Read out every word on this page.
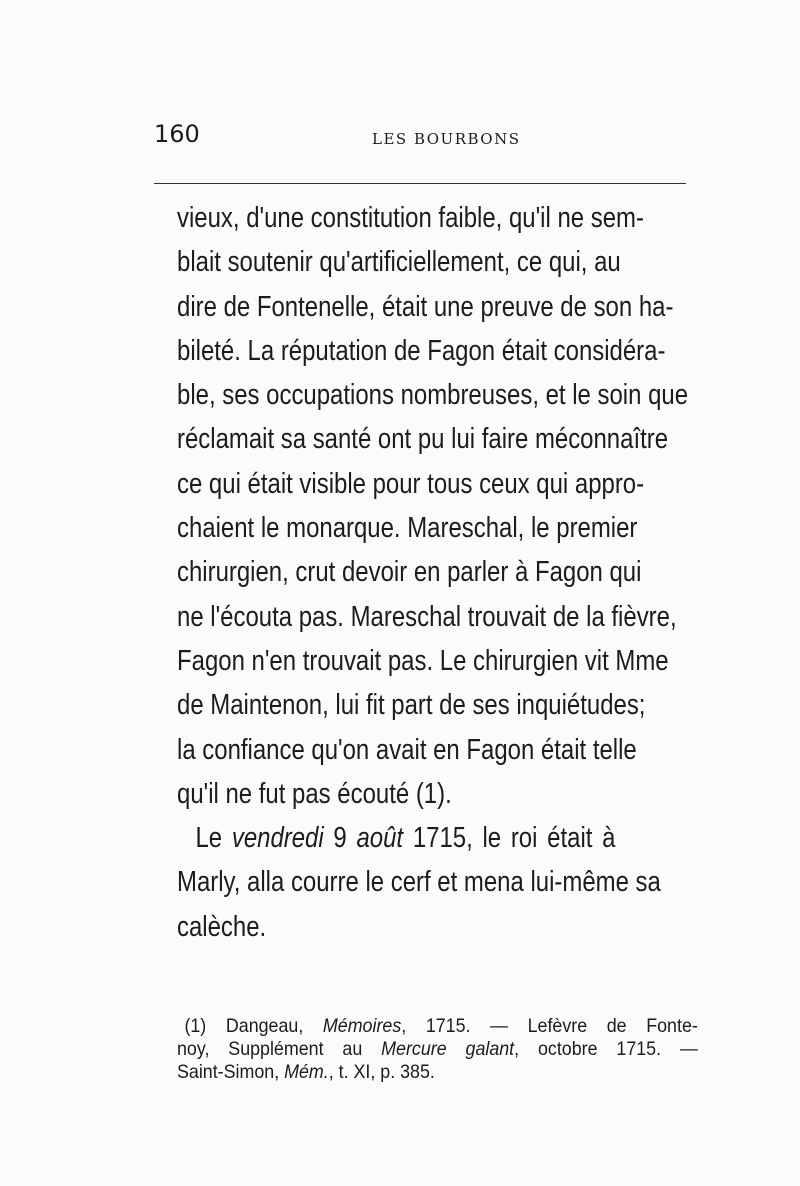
160	LES BOURBONS
vieux, d'une constitution faible, qu'il ne sem-
blait soutenir qu'artificiellement, ce qui, au
dire de Fontenelle, était une preuve de son ha-
bileté. La réputation de Fagon était considéra-
ble, ses occupations nombreuses, et le soin que
réclamait sa santé ont pu lui faire méconnaître
ce qui était visible pour tous ceux qui appro-
chaient le monarque. Mareschal, le premier
chirurgien, crut devoir en parler à Fagon qui
ne l'écouta pas. Mareschal trouvait de la fièvre,
Fagon n'en trouvait pas. Le chirurgien vit Mme
de Maintenon, lui fit part de ses inquiétudes;
la confiance qu'on avait en Fagon était telle
qu'il ne fut pas écouté (1).
Le vendredi 9 août 1715, le roi était à
Marly, alla courre le cerf et mena lui-même sa
calèche.
(1) Dangeau, Mémoires, 1715. — Lefèvre de Fonte-
noy, Supplément au Mercure galant, octobre 1715. —
Saint-Simon, Mém., t. XI, p. 385.
